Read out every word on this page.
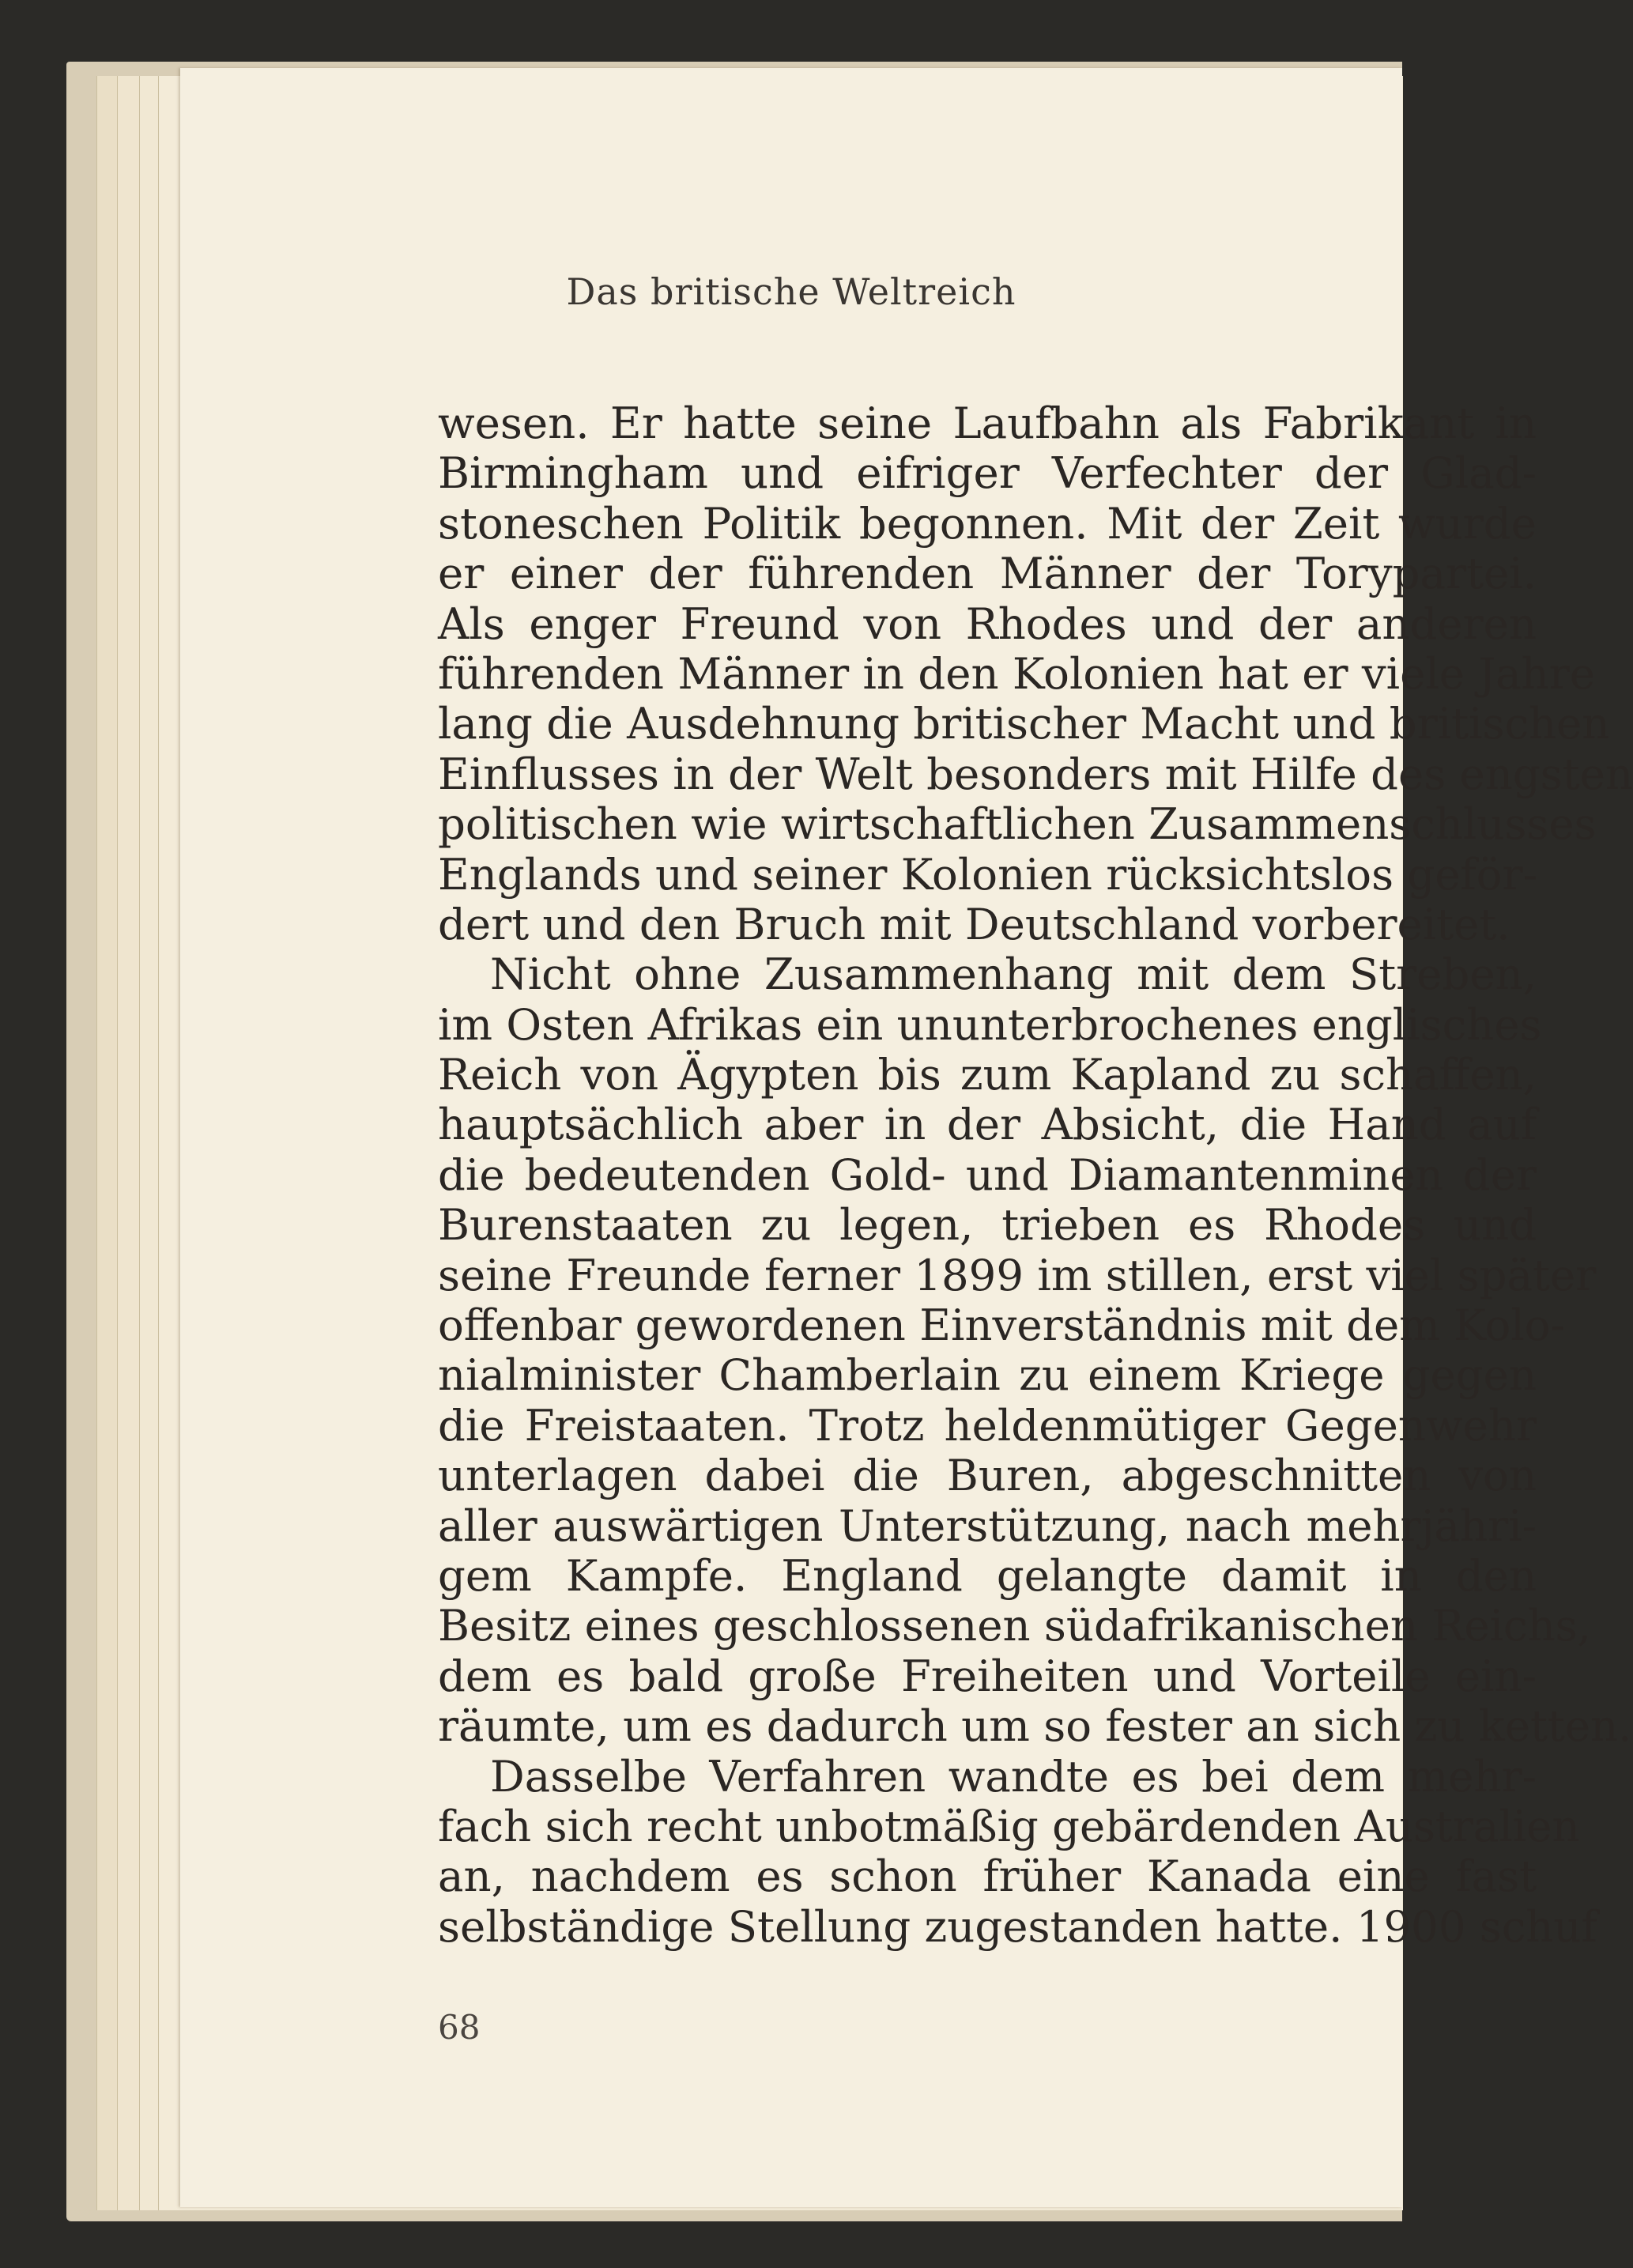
Das britische Weltreich
wesen. Er hatte seine Laufbahn als Fabrikant in
Birmingham und eifriger Verfechter der Glad-
stoneschen Politik begonnen. Mit der Zeit wurde
er einer der führenden Männer der Torypartei.
Als enger Freund von Rhodes und der anderen
führenden Männer in den Kolonien hat er viele Jahre
lang die Ausdehnung britischer Macht und britischen
Einflusses in der Welt besonders mit Hilfe des engsten
politischen wie wirtschaftlichen Zusammenschlusses
Englands und seiner Kolonien rücksichtslos geför-
dert und den Bruch mit Deutschland vorbereitet.
Nicht ohne Zusammenhang mit dem Streben,
im Osten Afrikas ein ununterbrochenes englisches
Reich von Ägypten bis zum Kapland zu schaffen,
hauptsächlich aber in der Absicht, die Hand auf
die bedeutenden Gold- und Diamantenminen der
Burenstaaten zu legen, trieben es Rhodes und
seine Freunde ferner 1899 im stillen, erst viel später
offenbar gewordenen Einverständnis mit dem Kolo-
nialminister Chamberlain zu einem Kriege gegen
die Freistaaten. Trotz heldenmütiger Gegenwehr
unterlagen dabei die Buren, abgeschnitten von
aller auswärtigen Unterstützung, nach mehrjähri-
gem Kampfe. England gelangte damit in den
Besitz eines geschlossenen südafrikanischen Reichs,
dem es bald große Freiheiten und Vorteile ein-
räumte, um es dadurch um so fester an sich zu ketten.
Dasselbe Verfahren wandte es bei dem mehr-
fach sich recht unbotmäßig gebärdenden Australien
an, nachdem es schon früher Kanada eine fast
selbständige Stellung zugestanden hatte. 1900 schuf
68
